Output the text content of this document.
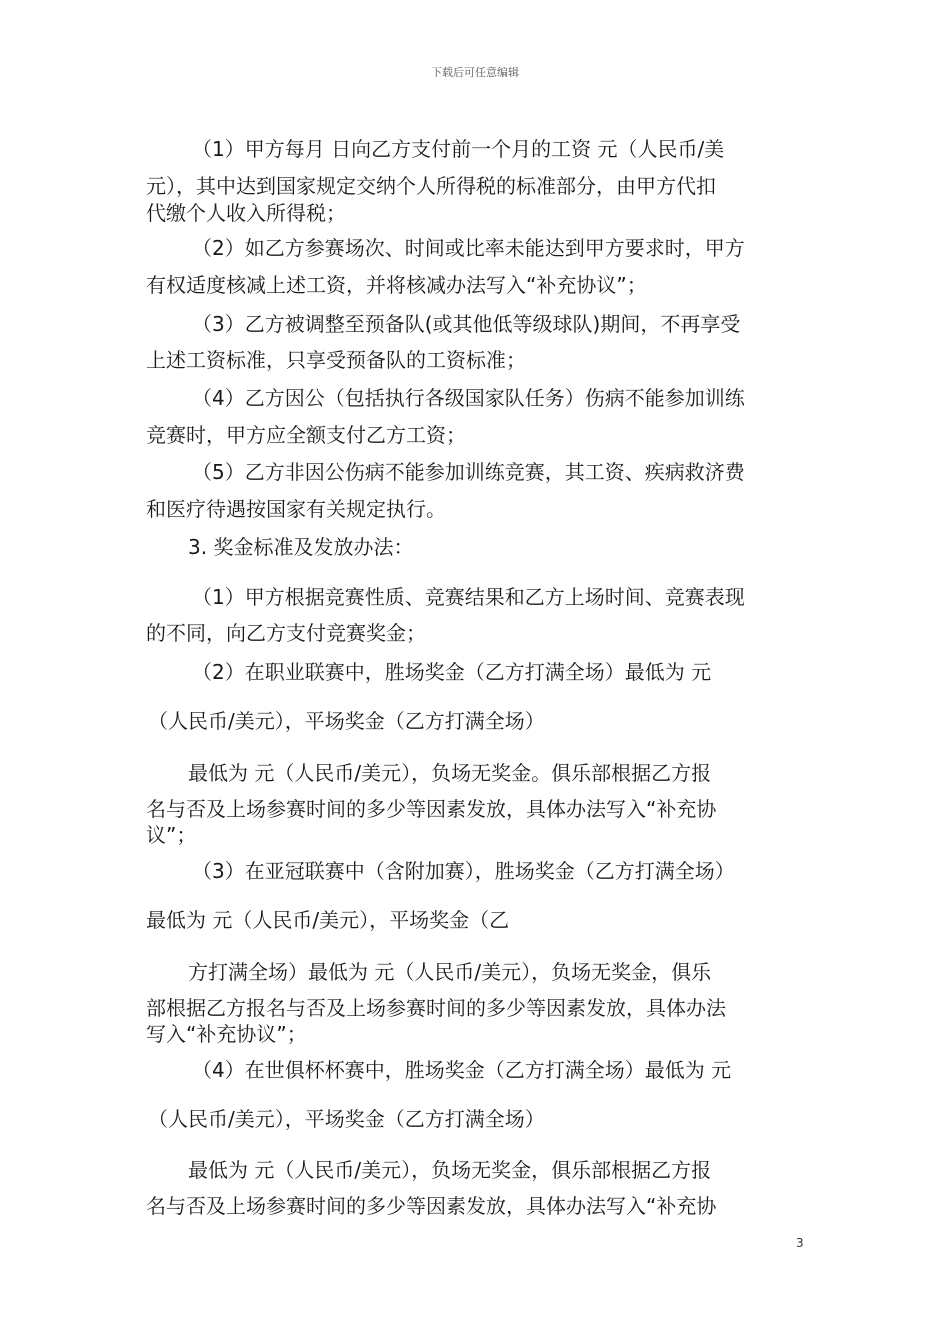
下载后可任意编辑
（1）甲方每月 日向乙方支付前一个月的工资 元（人民币/美
元），其中达到国家规定交纳个人所得税的标准部分，由甲方代扣
代缴个人收入所得税；
（2）如乙方参赛场次、时间或比率未能达到甲方要求时，甲方
有权适度核减上述工资，并将核减办法写入“补充协议”；
（3）乙方被调整至预备队(或其他低等级球队)期间，不再享受
上述工资标准，只享受预备队的工资标准；
（4）乙方因公（包括执行各级国家队任务）伤病不能参加训练
竞赛时，甲方应全额支付乙方工资；
（5）乙方非因公伤病不能参加训练竞赛，其工资、疾病救济费
和医疗待遇按国家有关规定执行。
3. 奖金标准及发放办法：
（1）甲方根据竞赛性质、竞赛结果和乙方上场时间、竞赛表现
的不同，向乙方支付竞赛奖金；
（2）在职业联赛中，胜场奖金（乙方打满全场）最低为 元
（人民币/美元），平场奖金（乙方打满全场）
最低为 元（人民币/美元），负场无奖金。俱乐部根据乙方报
名与否及上场参赛时间的多少等因素发放，具体办法写入“补充协
议”；
（3）在亚冠联赛中（含附加赛），胜场奖金（乙方打满全场）
最低为 元（人民币/美元），平场奖金（乙
方打满全场）最低为 元（人民币/美元），负场无奖金，俱乐
部根据乙方报名与否及上场参赛时间的多少等因素发放，具体办法
写入“补充协议”；
（4）在世俱杯杯赛中，胜场奖金（乙方打满全场）最低为 元
（人民币/美元），平场奖金（乙方打满全场）
最低为 元（人民币/美元），负场无奖金，俱乐部根据乙方报
名与否及上场参赛时间的多少等因素发放，具体办法写入“补充协
3
